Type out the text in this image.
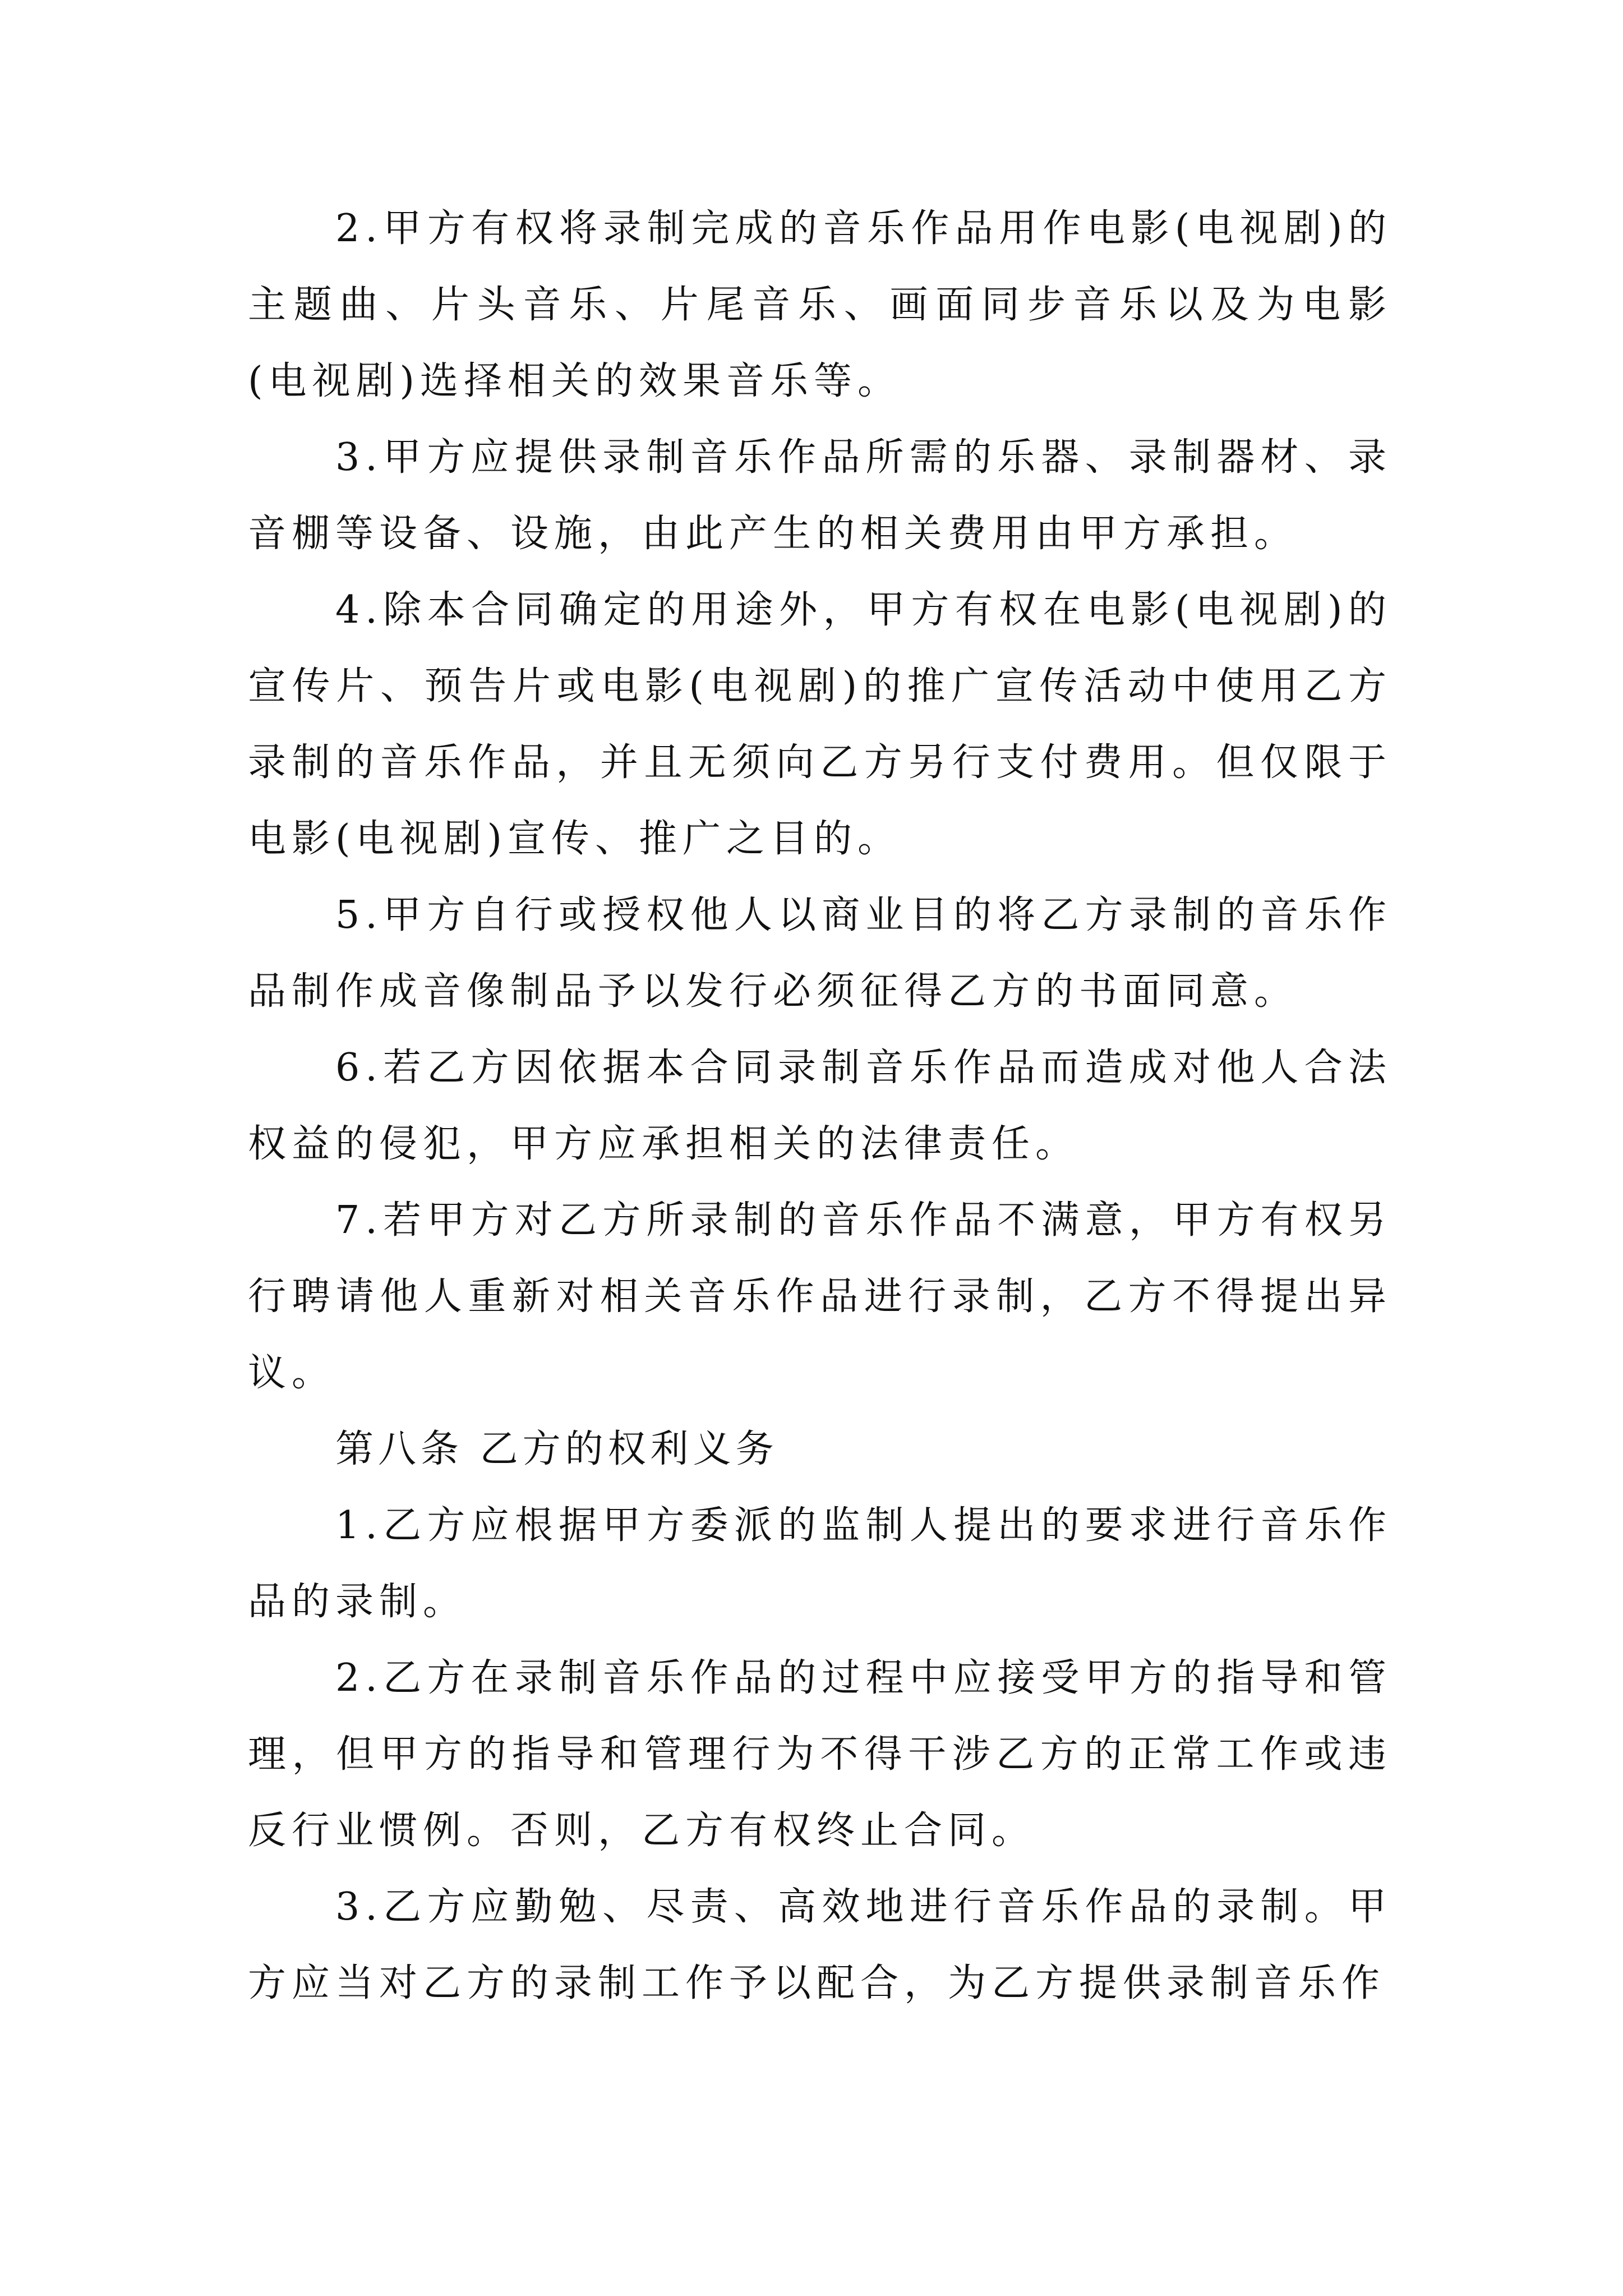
2.甲方有权将录制完成的音乐作品用作电影(电视剧)的主题曲、片头音乐、片尾音乐、画面同步音乐以及为电影(电视剧)选择相关的效果音乐等。

3.甲方应提供录制音乐作品所需的乐器、录制器材、录音棚等设备、设施，由此产生的相关费用由甲方承担。

4.除本合同确定的用途外，甲方有权在电影(电视剧)的宣传片、预告片或电影(电视剧)的推广宣传活动中使用乙方录制的音乐作品，并且无须向乙方另行支付费用。但仅限于电影(电视剧)宣传、推广之目的。

5.甲方自行或授权他人以商业目的将乙方录制的音乐作品制作成音像制品予以发行必须征得乙方的书面同意。

6.若乙方因依据本合同录制音乐作品而造成对他人合法权益的侵犯，甲方应承担相关的法律责任。

7.若甲方对乙方所录制的音乐作品不满意，甲方有权另行聘请他人重新对相关音乐作品进行录制，乙方不得提出异议。

第八条 乙方的权利义务

1.乙方应根据甲方委派的监制人提出的要求进行音乐作品的录制。

2.乙方在录制音乐作品的过程中应接受甲方的指导和管理，但甲方的指导和管理行为不得干涉乙方的正常工作或违反行业惯例。否则，乙方有权终止合同。

3.乙方应勤勉、尽责、高效地进行音乐作品的录制。甲方应当对乙方的录制工作予以配合，为乙方提供录制音乐作
